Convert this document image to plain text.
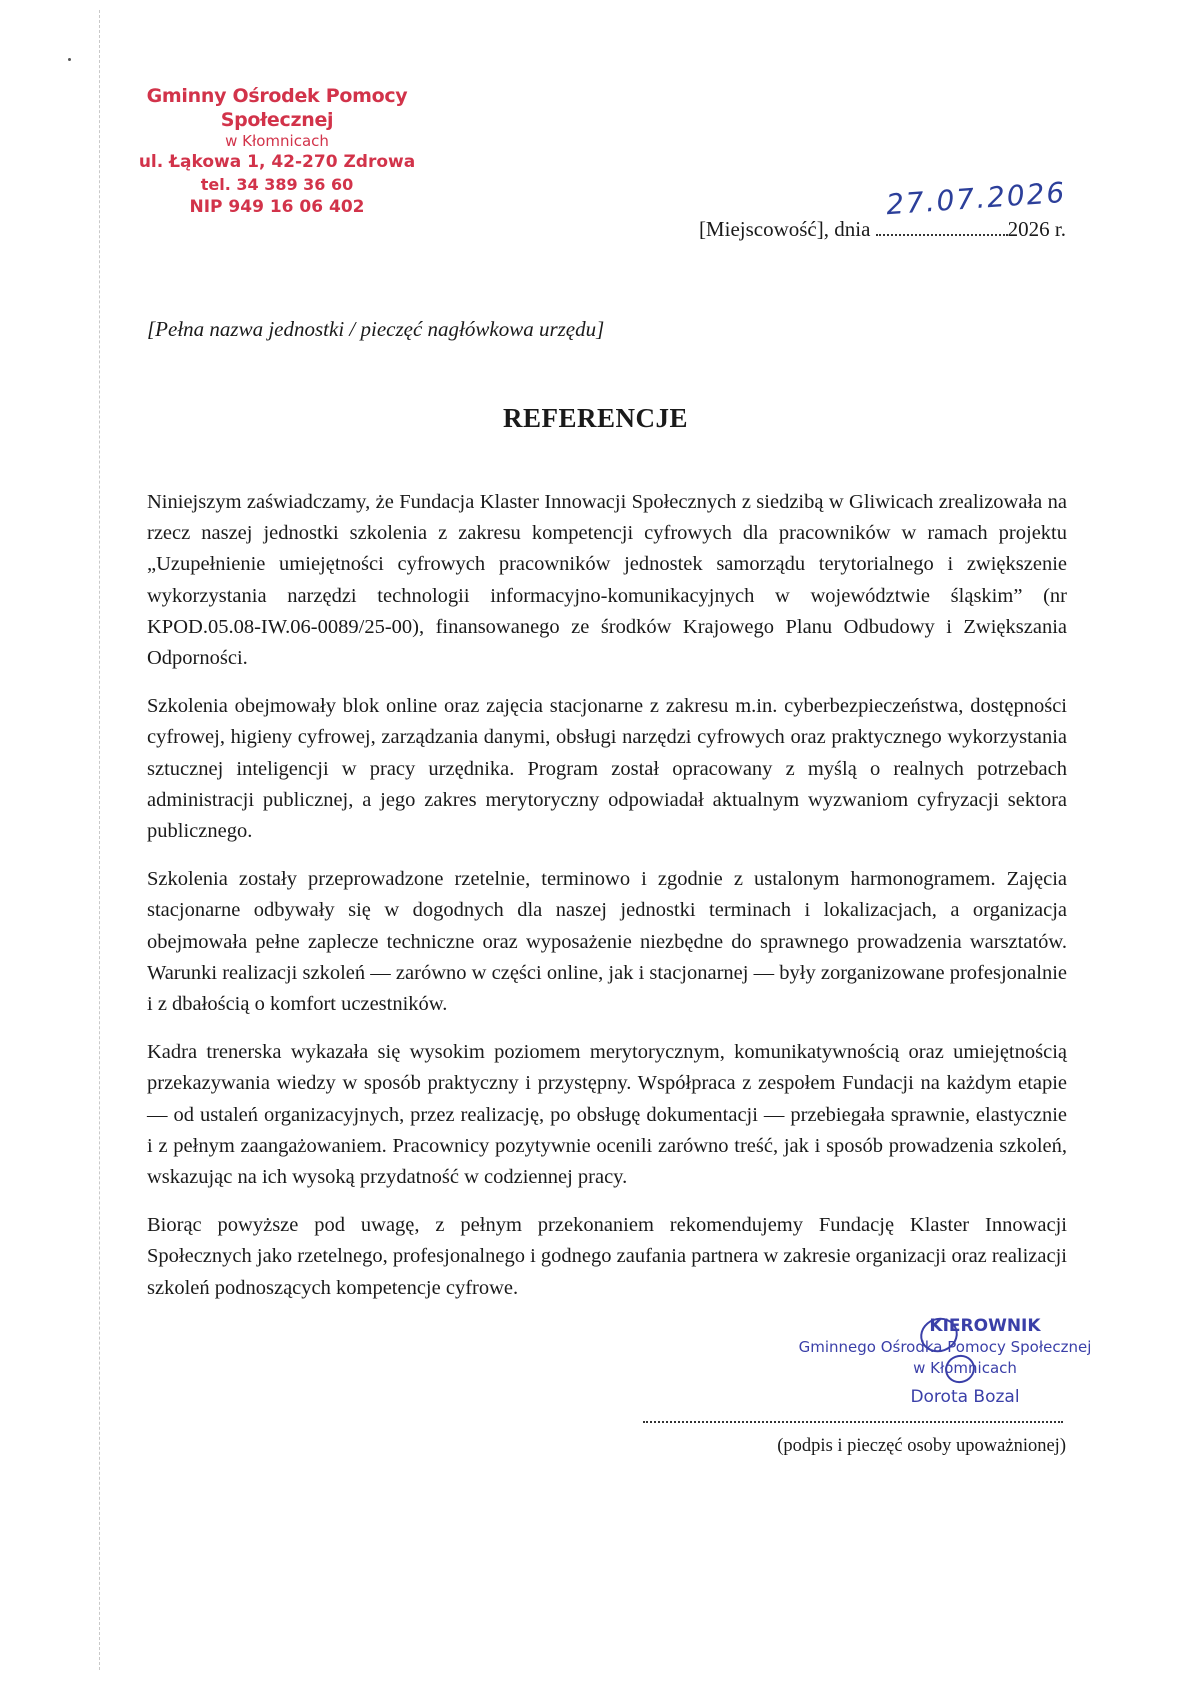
Gminny Ośrodek Pomocy Społecznej
w Kłomnicach
ul. Łąkowa 1, 42-270 Zdrowa
tel. 34 389 36 60
NIP 949 16 06 402
[Miejscowość], dnia
27.07.2026
2026 r.
[Pełna nazwa jednostki / pieczęć nagłówkowa urzędu]
REFERENCJE

Niniejszym zaświadczamy, że Fundacja Klaster Innowacji Społecznych z siedzibą w Gliwicach zrealizowała na rzecz naszej jednostki szkolenia z zakresu kompetencji cyfrowych dla pracowników w ramach projektu „Uzupełnienie umiejętności cyfrowych pracowników jednostek samorządu terytorialnego i zwiększenie wykorzystania narzędzi technologii informacyjno-komunikacyjnych w województwie śląskim” (nr KPOD.05.08-IW.06-0089/25-00), finansowanego ze środków Krajowego Planu Odbudowy i Zwiększania Odporności.

Szkolenia obejmowały blok online oraz zajęcia stacjonarne z zakresu m.in. cyberbezpieczeństwa, dostępności cyfrowej, higieny cyfrowej, zarządzania danymi, obsługi narzędzi cyfrowych oraz praktycznego wykorzystania sztucznej inteligencji w pracy urzędnika. Program został opracowany z myślą o realnych potrzebach administracji publicznej, a jego zakres merytoryczny odpowiadał aktualnym wyzwaniom cyfryzacji sektora publicznego.

Szkolenia zostały przeprowadzone rzetelnie, terminowo i zgodnie z ustalonym harmonogramem. Zajęcia stacjonarne odbywały się w dogodnych dla naszej jednostki terminach i lokalizacjach, a organizacja obejmowała pełne zaplecze techniczne oraz wyposażenie niezbędne do sprawnego prowadzenia warsztatów. Warunki realizacji szkoleń — zarówno w części online, jak i stacjonarnej — były zorganizowane profesjonalnie i z dbałością o komfort uczestników.

Kadra trenerska wykazała się wysokim poziomem merytorycznym, komunikatywnością oraz umiejętnością przekazywania wiedzy w sposób praktyczny i przystępny. Współpraca z zespołem Fundacji na każdym etapie — od ustaleń organizacyjnych, przez realizację, po obsługę dokumentacji — przebiegała sprawnie, elastycznie i z pełnym zaangażowaniem. Pracownicy pozytywnie ocenili zarówno treść, jak i sposób prowadzenia szkoleń, wskazując na ich wysoką przydatność w codziennej pracy.

Biorąc powyższe pod uwagę, z pełnym przekonaniem rekomendujemy Fundację Klaster Innowacji Społecznych jako rzetelnego, profesjonalnego i godnego zaufania partnera w zakresie organizacji oraz realizacji szkoleń podnoszących kompetencje cyfrowe.

KIEROWNIK
Gminnego Ośrodka Pomocy Społecznej
w Kłomnicach
Dorota Bozal
(podpis i pieczęć osoby upoważnionej)
